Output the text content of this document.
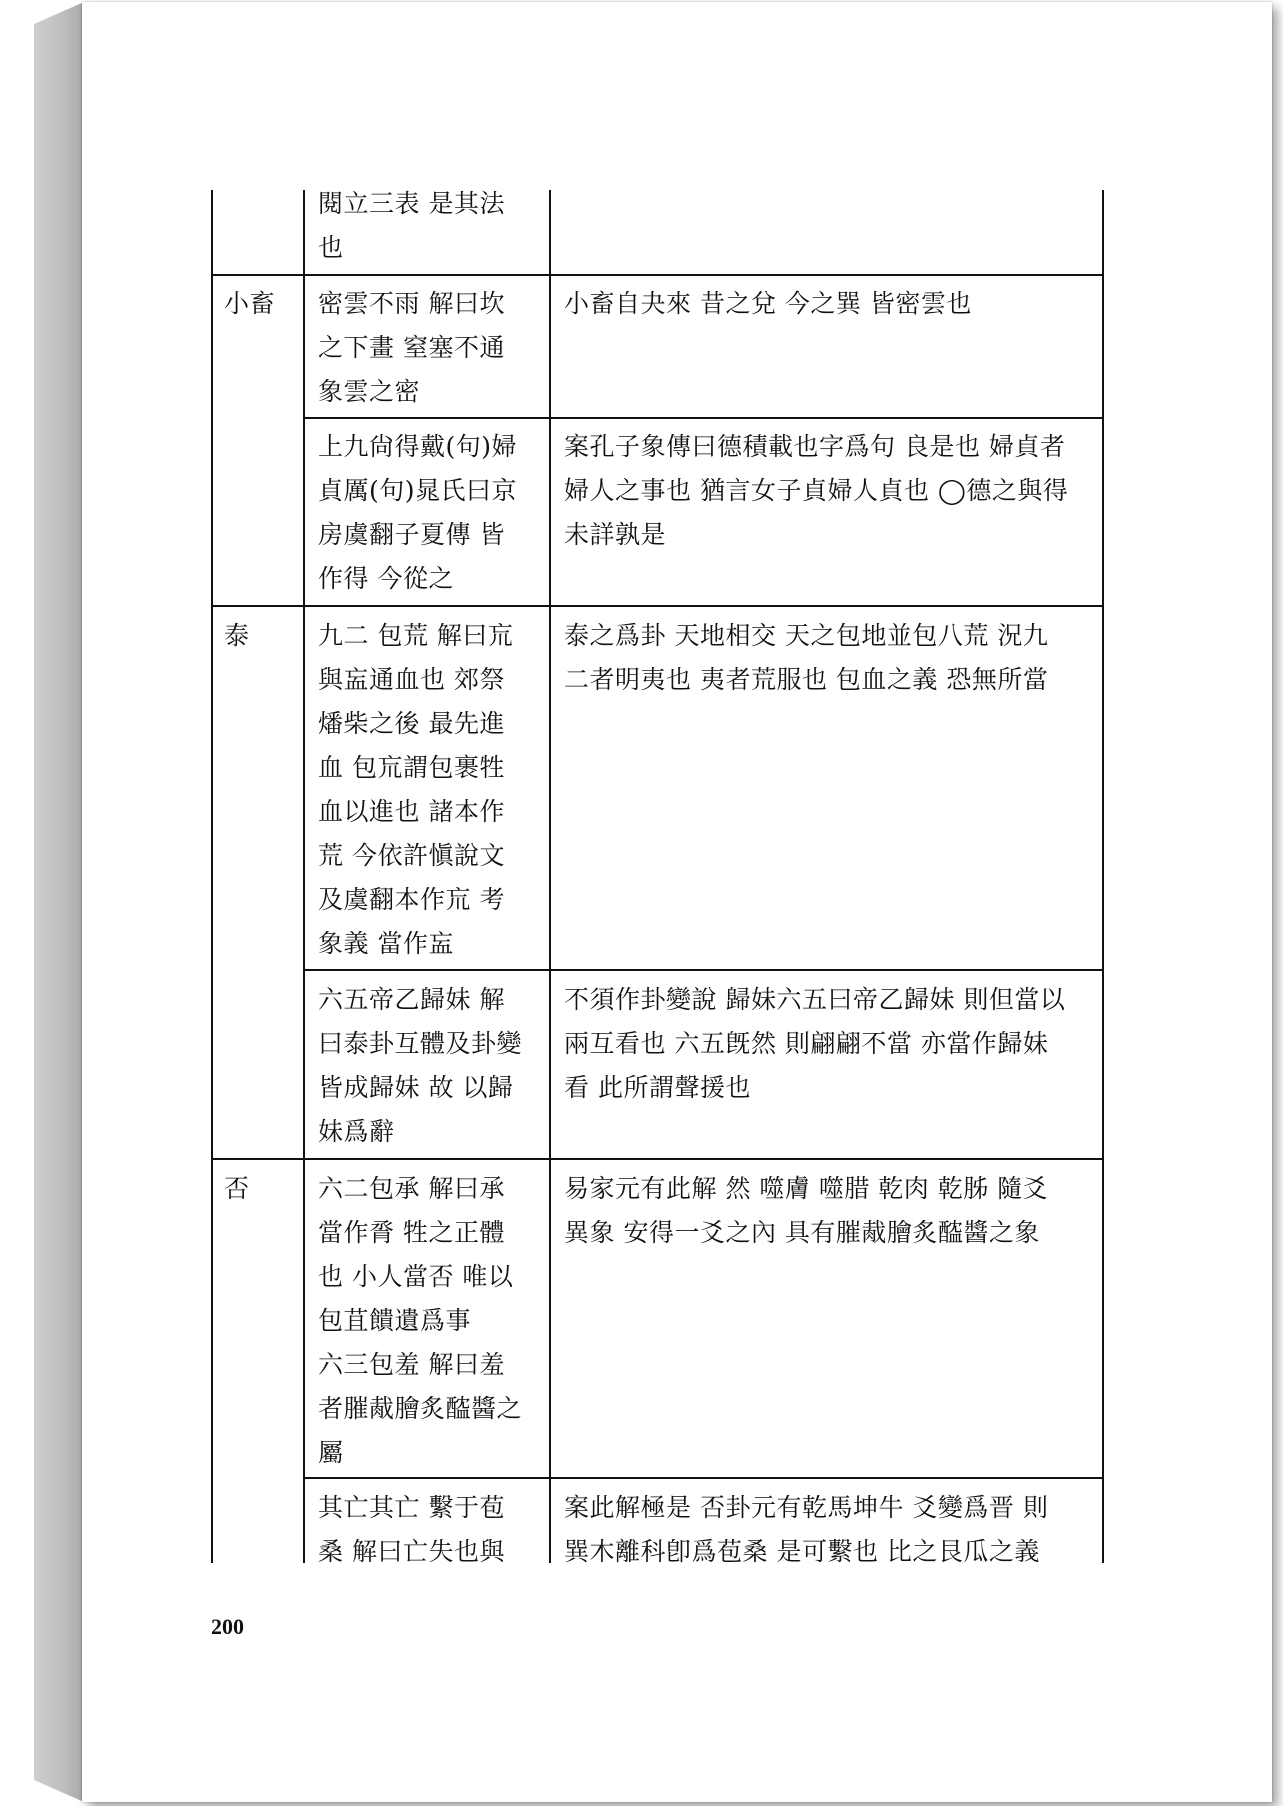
閱立三表 是其法
也
小畜 密雲不雨 解曰坎
之下畫 窒塞不通
象雲之密
小畜自夬來 昔之兌 今之巽 皆密雲也
上九尙得戴(句)婦
貞厲(句)晁氏曰京
房虞翻子夏傳 皆
作得 今從之
案孔子象傳曰德積載也字爲句 良是也 婦貞者
婦人之事也 猶言女子貞婦人貞也 ◯德之與得
未詳孰是
泰	九二 包荒 解曰巟
與衁通血也 郊祭
燔柴之後 最先進
血 包巟謂包裹牲
血以進也 諸本作
荒 今依許愼說文
及虞翻本作巟 考
象義 當作衁
泰之爲卦 天地相交 天之包地並包八荒 況九
二者明夷也 夷者荒服也 包血之義 恐無所當
六五帝乙歸妹 解
曰泰卦互體及卦變
皆成歸妹 故 以歸
妹爲辭
不須作卦變說 歸妹六五曰帝乙歸妹 則但當以
兩互看也 六五旣然 則翩翩不當 亦當作歸妹
看 此所謂聲援也
否	六二包承 解曰承
當作脀 牲之正體
也 小人當否 唯以
包苴饋遺爲事
六三包羞 解曰羞
者膗胾膾炙醓醬之
屬
易家元有此解 然 噬膚 噬腊 乾肉 乾胏 隨爻
異象 安得一爻之內 具有膗胾膾炙醓醬之象
其亡其亡 繫于苞
桑 解曰亡失也與
案此解極是 否卦元有乾馬坤牛 爻變爲晋 則
巽木離科卽爲苞桑 是可繫也 比之艮瓜之義
200
